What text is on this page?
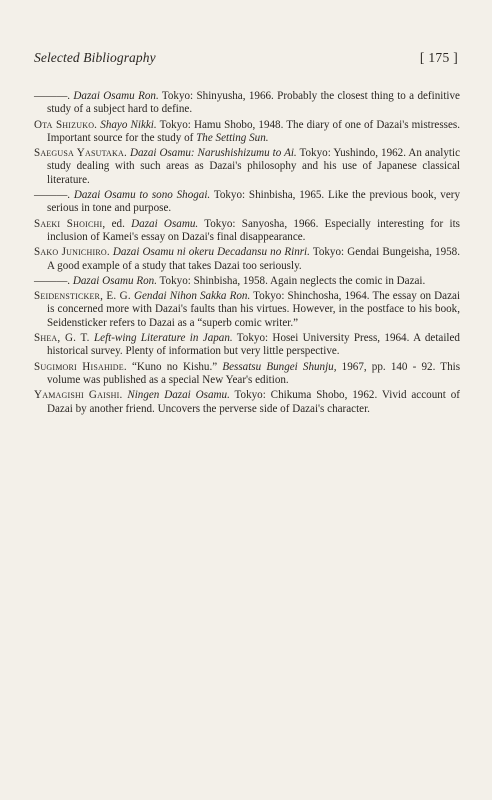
Selected Bibliography	[ 175 ]

———. Dazai Osamu Ron. Tokyo: Shinyusha, 1966. Probably the closest thing to a definitive study of a subject hard to define.

Ota Shizuko. Shayo Nikki. Tokyo: Hamu Shobo, 1948. The diary of one of Dazai's mistresses. Important source for the study of The Setting Sun.

Saegusa Yasutaka. Dazai Osamu: Narushishizumu to Ai. Tokyo: Yushindo, 1962. An analytic study dealing with such areas as Dazai's philosophy and his use of Japanese classical literature.

———. Dazai Osamu to sono Shogai. Tokyo: Shinbisha, 1965. Like the previous book, very serious in tone and purpose.

Saeki Shoichi, ed. Dazai Osamu. Tokyo: Sanyosha, 1966. Especially interesting for its inclusion of Kamei's essay on Dazai's final disappearance.

Sako Junichiro. Dazai Osamu ni okeru Decadansu no Rinri. Tokyo: Gendai Bungeisha, 1958. A good example of a study that takes Dazai too seriously.

———. Dazai Osamu Ron. Tokyo: Shinbisha, 1958. Again neglects the comic in Dazai.

Seidensticker, E. G. Gendai Nihon Sakka Ron. Tokyo: Shinchosha, 1964. The essay on Dazai is concerned more with Dazai's faults than his virtues. However, in the postface to his book, Seidensticker refers to Dazai as a “superb comic writer.”

Shea, G. T. Left-wing Literature in Japan. Tokyo: Hosei University Press, 1964. A detailed historical survey. Plenty of information but very little perspective.

Sugimori Hisahide. “Kuno no Kishu.” Bessatsu Bungei Shunju, 1967, pp. 140 - 92. This volume was published as a special New Year's edition.

Yamagishi Gaishi. Ningen Dazai Osamu. Tokyo: Chikuma Shobo, 1962. Vivid account of Dazai by another friend. Uncovers the perverse side of Dazai's character.
